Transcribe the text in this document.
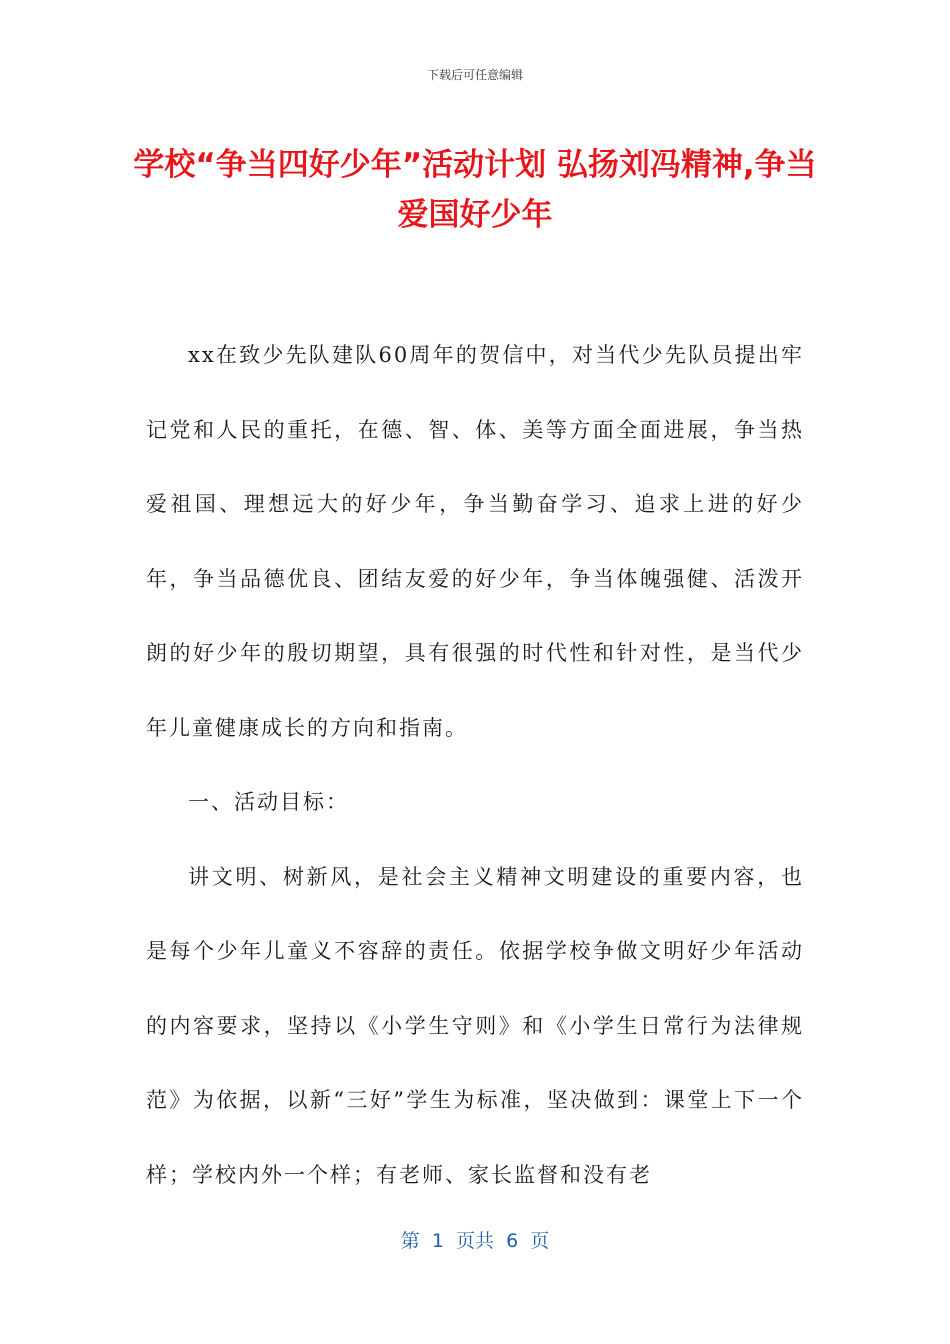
下载后可任意编辑
学校“争当四好少年”活动计划 弘扬刘冯精神,争当爱国好少年

xx在致少先队建队60周年的贺信中，对当代少先队员提出牢记党和人民的重托，在德、智、体、美等方面全面进展，争当热爱祖国、理想远大的好少年，争当勤奋学习、追求上进的好少年，争当品德优良、团结友爱的好少年，争当体魄强健、活泼开朗的好少年的殷切期望，具有很强的时代性和针对性，是当代少年儿童健康成长的方向和指南。

一、活动目标：

讲文明、树新风，是社会主义精神文明建设的重要内容，也是每个少年儿童义不容辞的责任。依据学校争做文明好少年活动的内容要求，坚持以《小学生守则》和《小学生日常行为法律规范》为依据，以新“三好”学生为标准，坚决做到：课堂上下一个样；学校内外一个样；有老师、家长监督和没有老

第  1  页共  6  页
